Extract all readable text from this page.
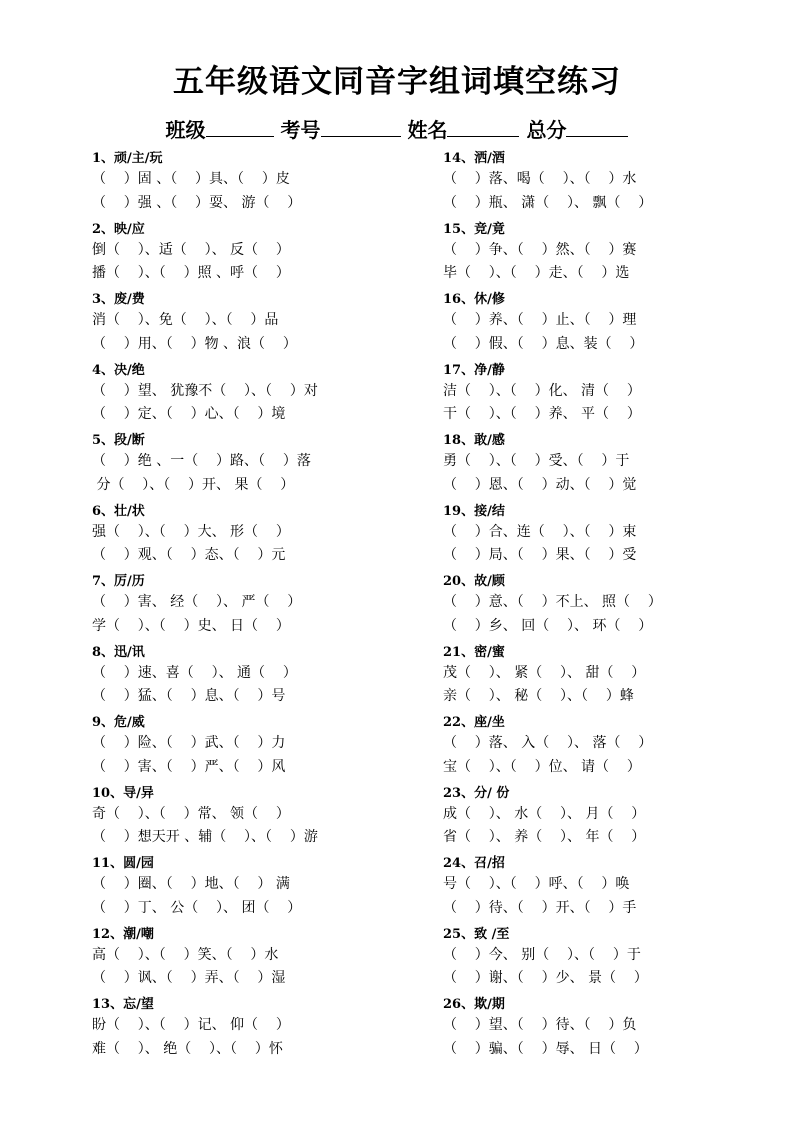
五年级语文同音字组词填空练习
班级	考号	姓名	总分
1、顽/主/玩
（    ）固 、（    ）具、（    ）皮
（    ）强 、（    ）耍、 游（    ）
2、映/应
倒（    ）、适（    ）、 反（    ）
播（    ）、（    ）照 、呼（    ）
3、废/费
消（    ）、免（    ）、（    ）品
（    ）用、（    ）物 、浪（    ）
4、决/绝
（    ）望、 犹豫不（    ）、（    ）对
（    ）定、（    ）心、（    ）境
5、段/断
（    ）绝 、一（    ）路、（    ）落
分（    ）、（    ）开、 果（    ）
6、壮/状
强（    ）、（    ）大、 形（    ）
（    ）观、（    ）态、（    ）元
7、厉/历
（    ）害、 经（    ）、 严（    ）
学（    ）、（    ）史、 日（    ）
8、迅/讯
（    ）速、喜（    ）、 通（    ）
（    ）猛、（    ）息、（    ）号
9、危/威
（    ）险、（    ）武、（    ）力
（    ）害、（    ）严、（    ）风
10、导/异
奇（    ）、（    ）常、 领（    ）
（    ）想天开 、辅（    ）、（    ）游
11、圆/园
（    ）圈、（    ）地、（    ） 满
（    ）丁、 公（    ）、 团（    ）
12、潮/嘲
高（    ）、（    ）笑、（    ）水
（    ）讽、（    ）弄、（    ）湿
13、忘/望
盼（    ）、（    ）记、 仰（    ）
难（    ）、 绝（    ）、（    ）怀
14、洒/酒
（    ）落、喝（    ）、（    ）水
（    ）瓶、 潇（    ）、 飘（    ）
15、竞/竟
（    ）争、（    ）然、（    ）赛
毕（    ）、（    ）走、（    ）选
16、休/修
（    ）养、（    ）止、（    ）理
（    ）假、（    ）息、装（    ）
17、净/静
洁（    ）、（    ）化、 清（    ）
干（    ）、（    ）养、 平（    ）
18、敢/感
勇（    ）、（    ）受、（    ）于
（    ）恩、（    ）动、（    ）觉
19、接/结
（    ）合、连（    ）、（    ）束
（    ）局、（    ）果、（    ）受
20、故/顾
（    ）意、（    ）不上、 照（    ）
（    ）乡、 回（    ）、 环（    ）
21、密/蜜
茂（    ）、 紧（    ）、 甜（    ）
亲（    ）、 秘（    ）、（    ）蜂
22、座/坐
（    ）落、 入（    ）、 落（    ）
宝（    ）、（    ）位、 请（    ）
23、分/ 份
成（    ）、 水（    ）、 月（    ）
省（    ）、 养（    ）、 年（    ）
24、召/招
号（    ）、（    ）呼、（    ）唤
（    ）待、（    ）开、（    ）手
25、致 /至
（    ）今、 别（    ）、（    ）于
（    ）谢、（    ）少、 景（    ）
26、欺/期
（    ）望、（    ）待、（    ）负
（    ）骗、（    ）辱、 日（    ）
